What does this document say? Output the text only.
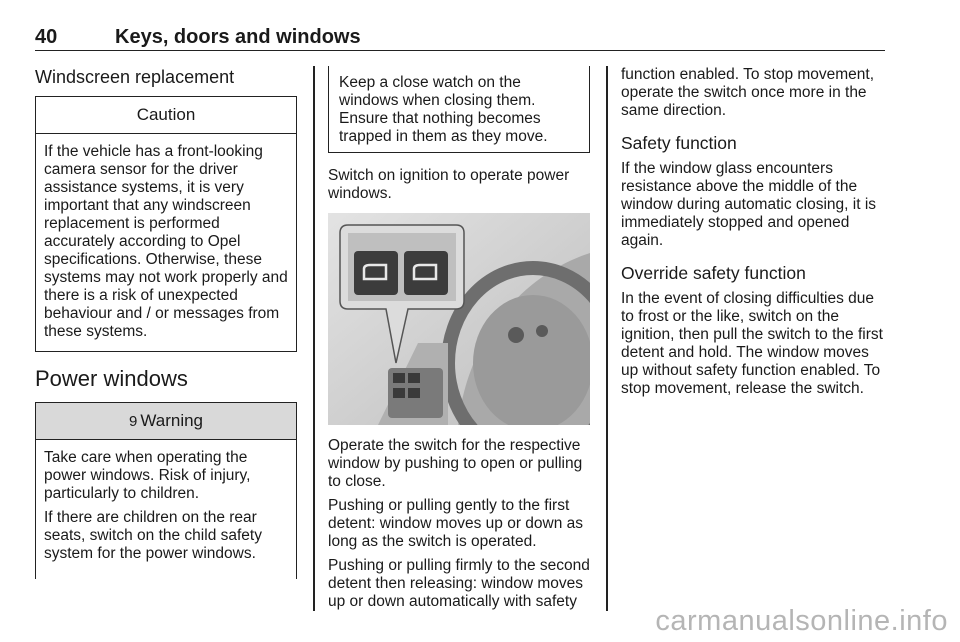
40	Keys, doors and windows
Windscreen replacement
Caution

If the vehicle has a front-looking camera sensor for the driver assistance systems, it is very important that any windscreen replacement is performed accurately according to Opel specifications. Otherwise, these systems may not work properly and there is a risk of unexpected behaviour and / or messages from these systems.

Power windows
9 Warning

Take care when operating the power windows. Risk of injury, particularly to children.

If there are children on the rear seats, switch on the child safety system for the power windows.

Keep a close watch on the windows when closing them. Ensure that nothing becomes trapped in them as they move.

Switch on ignition to operate power windows.

Operate the switch for the respective window by pushing to open or pulling to close.

Pushing or pulling gently to the first detent: window moves up or down as long as the switch is operated.

Pushing or pulling firmly to the second detent then releasing: window moves up or down automatically with safety

function enabled. To stop movement, operate the switch once more in the same direction.

Safety function

If the window glass encounters resistance above the middle of the window during automatic closing, it is immediately stopped and opened again.

Override safety function

In the event of closing difficulties due to frost or the like, switch on the ignition, then pull the switch to the first detent and hold. The window moves up without safety function enabled. To stop movement, release the switch.

carmanualsonline.info
